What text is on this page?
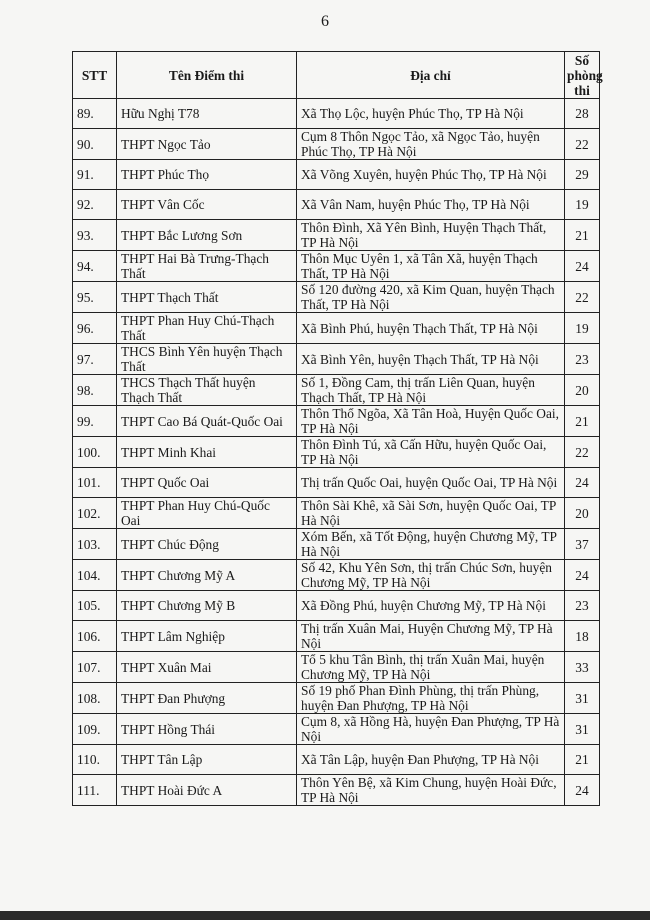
6
STT	Tên Điểm thi	Địa chỉ	Số phòng thi
89.	Hữu Nghị T78	Xã Thọ Lộc, huyện Phúc Thọ, TP Hà Nội	28
90.	THPT Ngọc Tảo	Cụm 8 Thôn Ngọc Tảo, xã Ngọc Tảo, huyện Phúc Thọ, TP Hà Nội	22
91.	THPT Phúc Thọ	Xã Võng Xuyên, huyện Phúc Thọ, TP Hà Nội	29
92.	THPT Vân Cốc	Xã Vân Nam, huyện Phúc Thọ, TP Hà Nội	19
93.	THPT Bắc Lương Sơn	Thôn Đình, Xã Yên Bình, Huyện Thạch Thất, TP Hà Nội	21
94.	THPT Hai Bà Trưng-Thạch Thất	Thôn Mục Uyên 1, xã Tân Xã, huyện Thạch Thất, TP Hà Nội	24
95.	THPT Thạch Thất	Số 120 đường 420, xã Kim Quan, huyện Thạch Thất, TP Hà Nội	22
96.	THPT Phan Huy Chú-Thạch Thất	Xã Bình Phú, huyện Thạch Thất, TP Hà Nội	19
97.	THCS Bình Yên huyện Thạch Thất	Xã Bình Yên, huyện Thạch Thất, TP Hà Nội	23
98.	THCS Thạch Thất huyện Thạch Thất	Số 1, Đồng Cam, thị trấn Liên Quan, huyện Thạch Thất, TP Hà Nội	20
99.	THPT Cao Bá Quát-Quốc Oai	Thôn Thổ Ngõa, Xã Tân Hoà, Huyện Quốc Oai, TP Hà Nội	21
100.	THPT Minh Khai	Thôn Đình Tú, xã Cấn Hữu, huyện Quốc Oai, TP Hà Nội	22
101.	THPT Quốc Oai	Thị trấn Quốc Oai, huyện Quốc Oai, TP Hà Nội	24
102.	THPT Phan Huy Chú-Quốc Oai	Thôn Sài Khê, xã Sài Sơn, huyện Quốc Oai, TP Hà Nội	20
103.	THPT Chúc Động	Xóm Bến, xã Tốt Động, huyện Chương Mỹ, TP Hà Nội	37
104.	THPT Chương Mỹ A	Số 42, Khu Yên Sơn, thị trấn Chúc Sơn, huyện Chương Mỹ, TP Hà Nội	24
105.	THPT Chương Mỹ B	Xã Đồng Phú, huyện Chương Mỹ, TP Hà Nội	23
106.	THPT Lâm Nghiệp	Thị trấn Xuân Mai, Huyện Chương Mỹ, TP Hà Nội	18
107.	THPT Xuân Mai	Tổ 5 khu Tân Bình, thị trấn Xuân Mai, huyện Chương Mỹ, TP Hà Nội	33
108.	THPT Đan Phượng	Số 19 phố Phan Đình Phùng, thị trấn Phùng, huyện Đan Phượng, TP Hà Nội	31
109.	THPT Hồng Thái	Cụm 8, xã Hồng Hà, huyện Đan Phượng, TP Hà Nội	31
110.	THPT Tân Lập	Xã Tân Lập, huyện Đan Phượng, TP Hà Nội	21
111.	THPT Hoài Đức A	Thôn Yên Bệ, xã Kim Chung, huyện Hoài Đức, TP Hà Nội	24
